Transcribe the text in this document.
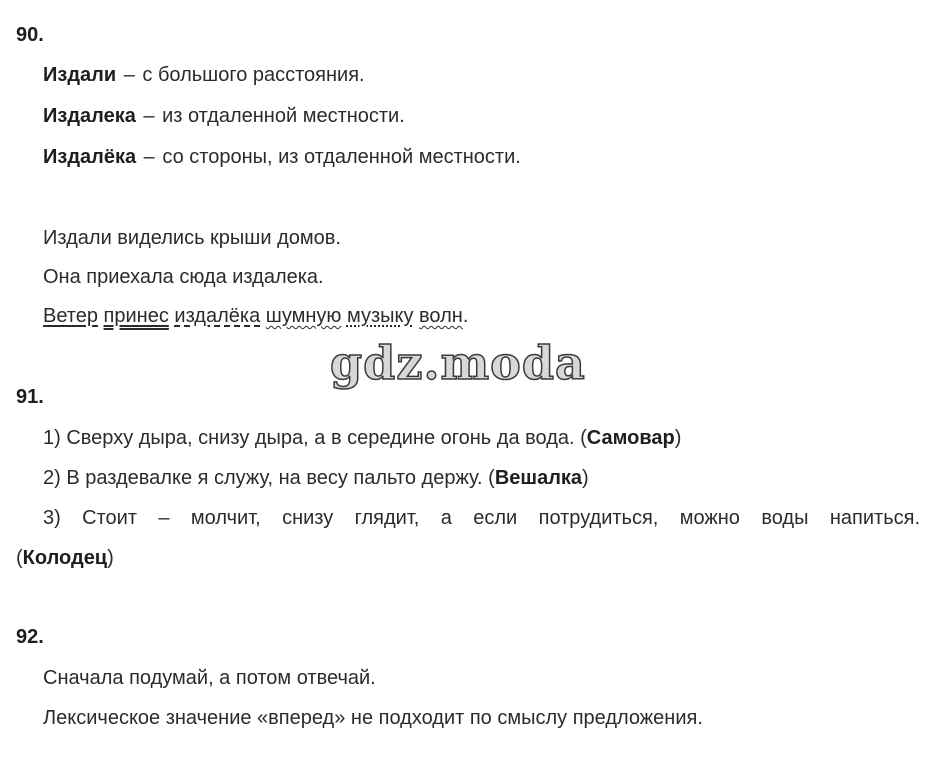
90.
Издали – с большого расстояния.
Издалека – из отдаленной местности.
Издалёка – со стороны, из отдаленной местности.
Издали виделись крыши домов.
Она приехала сюда издалека.
Ветер принес издалёка шумную музыку волн.
gdz.moda
91.
1) Сверху дыра, снизу дыра, а в середине огонь да вода. (Самовар)
2) В раздевалке я служу, на весу пальто держу. (Вешалка)
3) Стоит – молчит, снизу глядит, а если потрудиться, можно воды напиться.
(Колодец)
92.
Сначала подумай, а потом отвечай.
Лексическое значение «вперед» не подходит по смыслу предложения.
